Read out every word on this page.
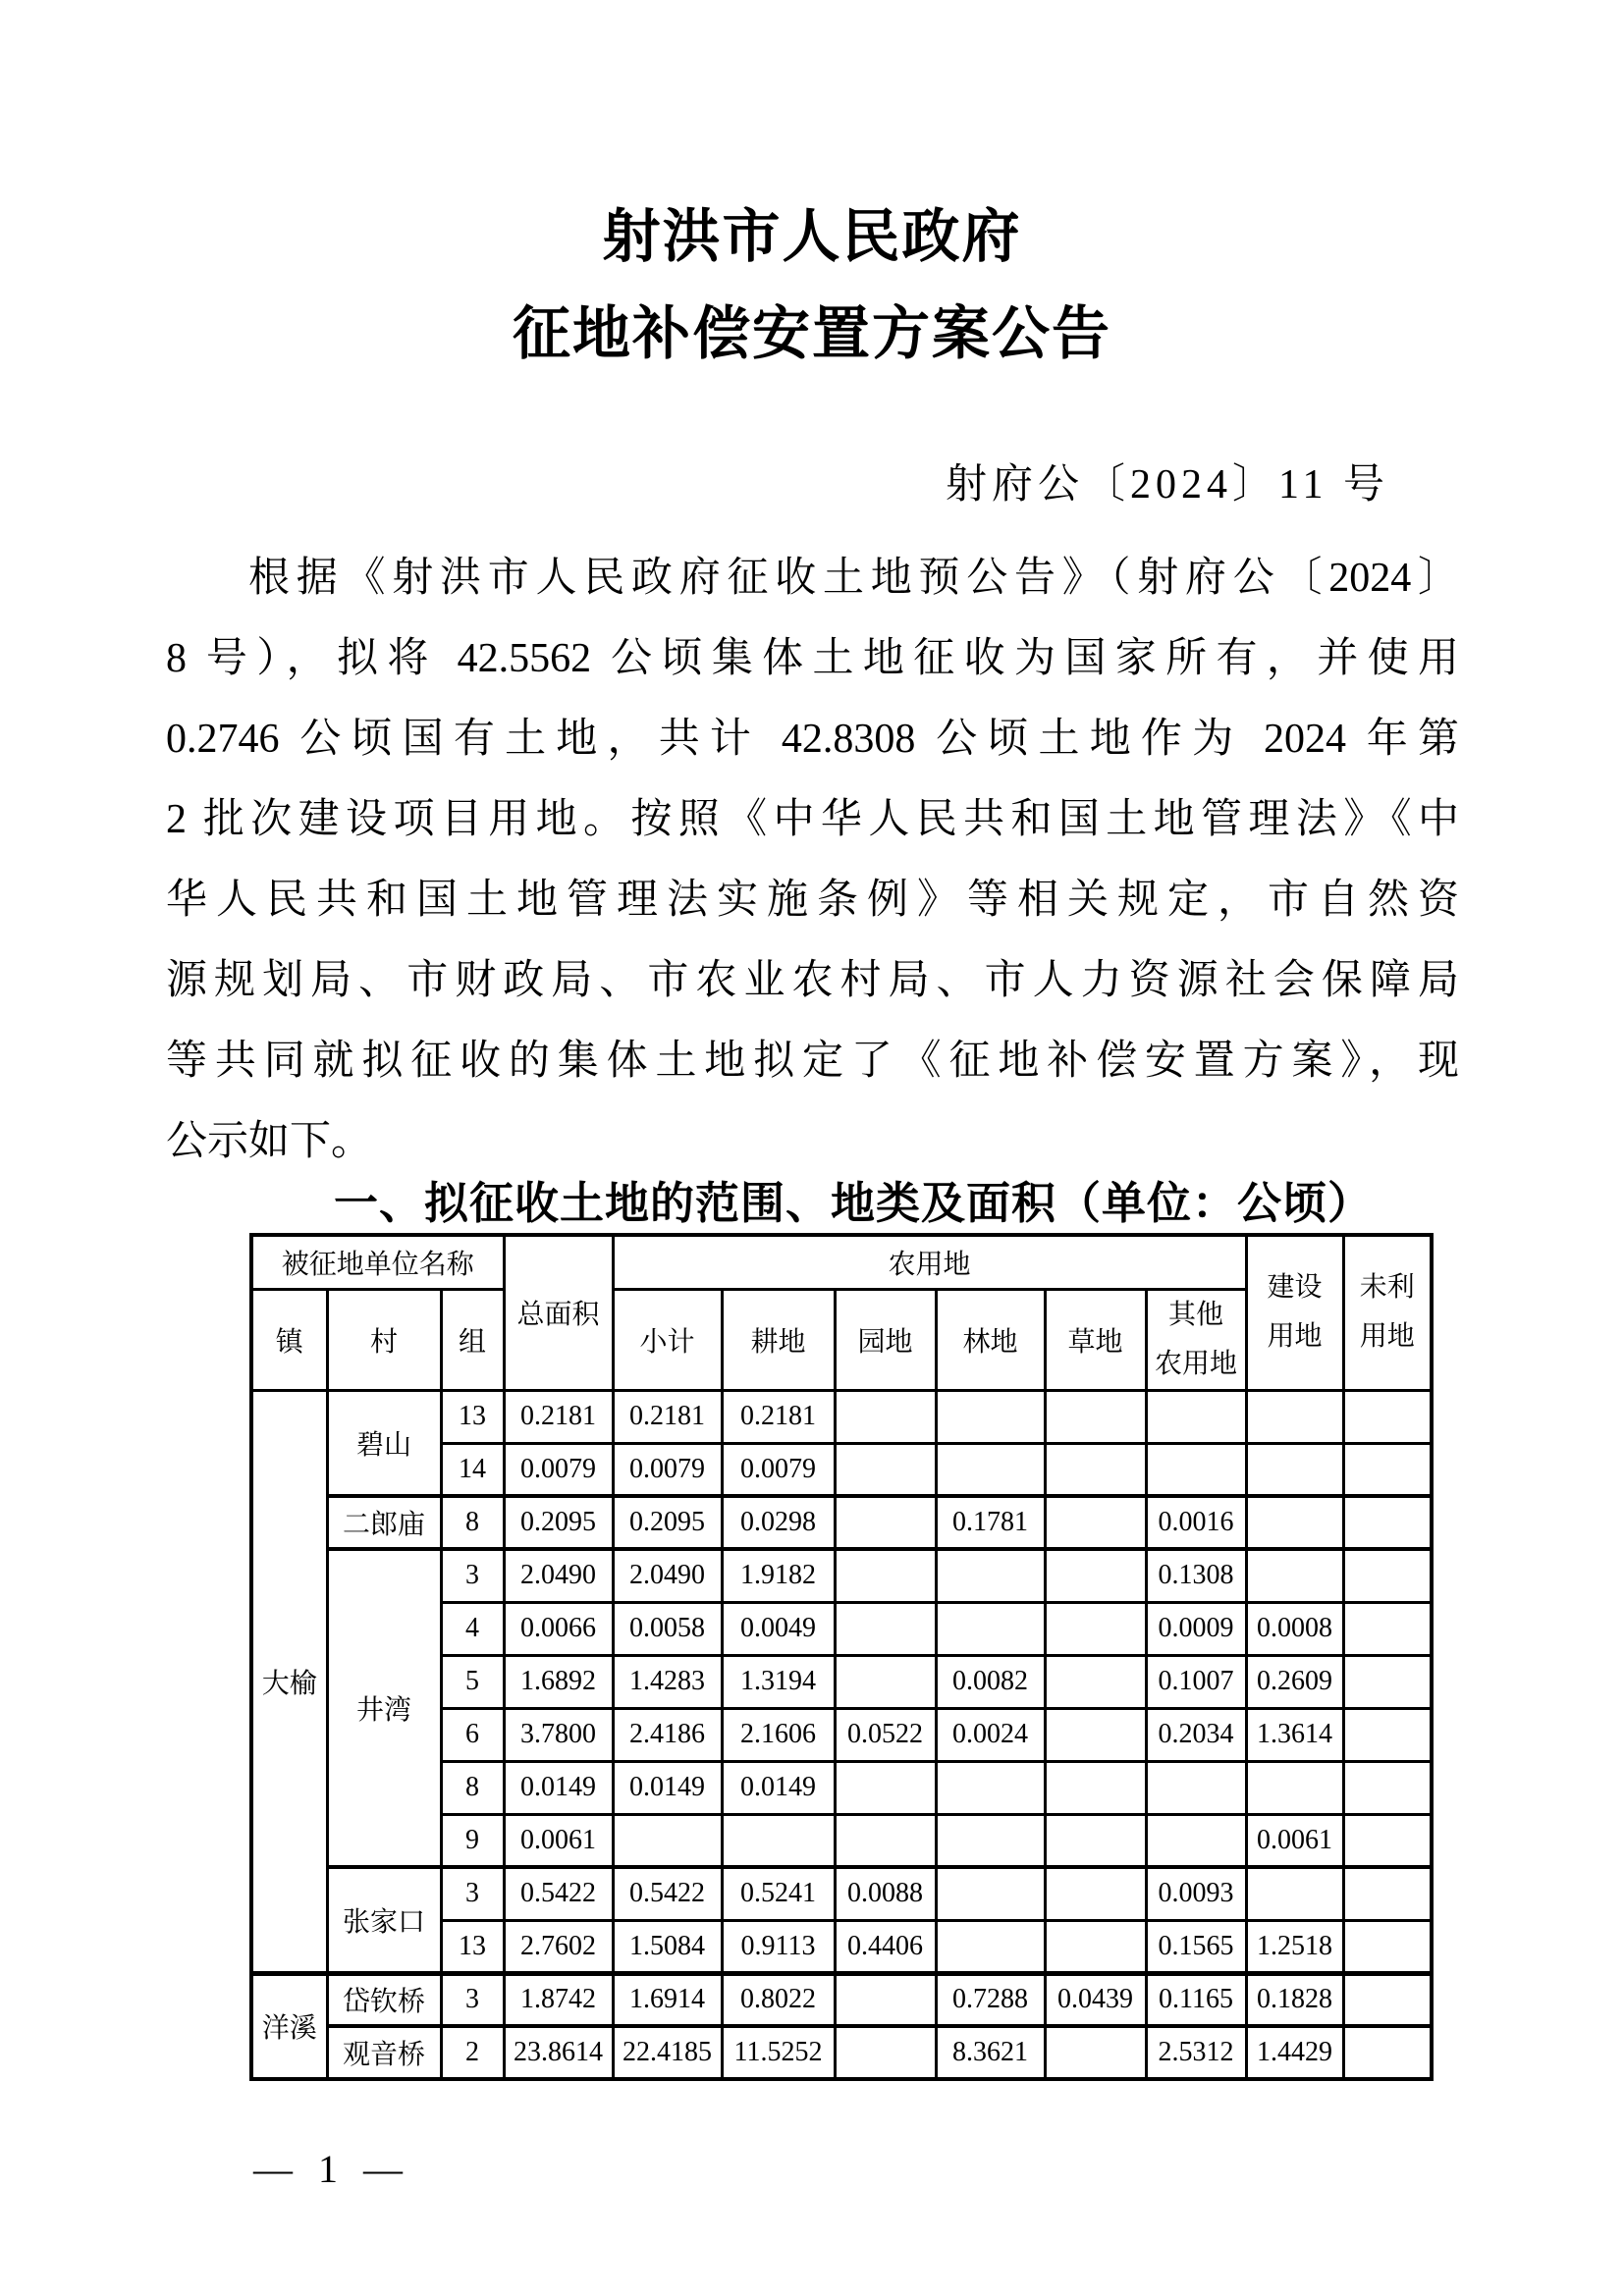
射洪市人民政府
征地补偿安置方案公告
射府公〔2024〕11 号
根据《射洪市人民政府征收土地预公告》（射府公〔2024〕
8 号），拟将 42.5562 公顷集体土地征收为国家所有，并使用
0.2746 公顷国有土地，共计 42.8308 公顷土地作为 2024 年第
2 批次建设项目用地。按照《中华人民共和国土地管理法》《中
华人民共和国土地管理法实施条例》等相关规定，市自然资
源规划局、市财政局、市农业农村局、市人力资源社会保障局
等共同就拟征收的集体土地拟定了《征地补偿安置方案》，现
公示如下。
一、拟征收土地的范围、地类及面积（单位：公顷）
被征地单位名称			总面积	农用地						建设
用地	未利
用地

镇	村	组		小计	耕地	园地	林地	草地	其他
农用地		

大榆	碧山	13	0.2181	0.2181	0.2181						
		14	0.0079	0.0079	0.0079						
	二郎庙	8	0.2095	0.2095	0.0298		0.1781		0.0016		
	井湾	3	2.0490	2.0490	1.9182				0.1308		
		4	0.0066	0.0058	0.0049				0.0009	0.0008	
		5	1.6892	1.4283	1.3194		0.0082		0.1007	0.2609	
		6	3.7800	2.4186	2.1606	0.0522	0.0024		0.2034	1.3614	
		8	0.0149	0.0149	0.0149						
		9	0.0061							0.0061	
	张家口	3	0.5422	0.5422	0.5241	0.0088			0.0093		
		13	2.7602	1.5084	0.9113	0.4406			0.1565	1.2518	
洋溪	岱钦桥	3	1.8742	1.6914	0.8022		0.7288	0.0439	0.1165	0.1828	
	观音桥	2	23.8614	22.4185	11.5252		8.3621		2.5312	1.4429	
— 1 —
